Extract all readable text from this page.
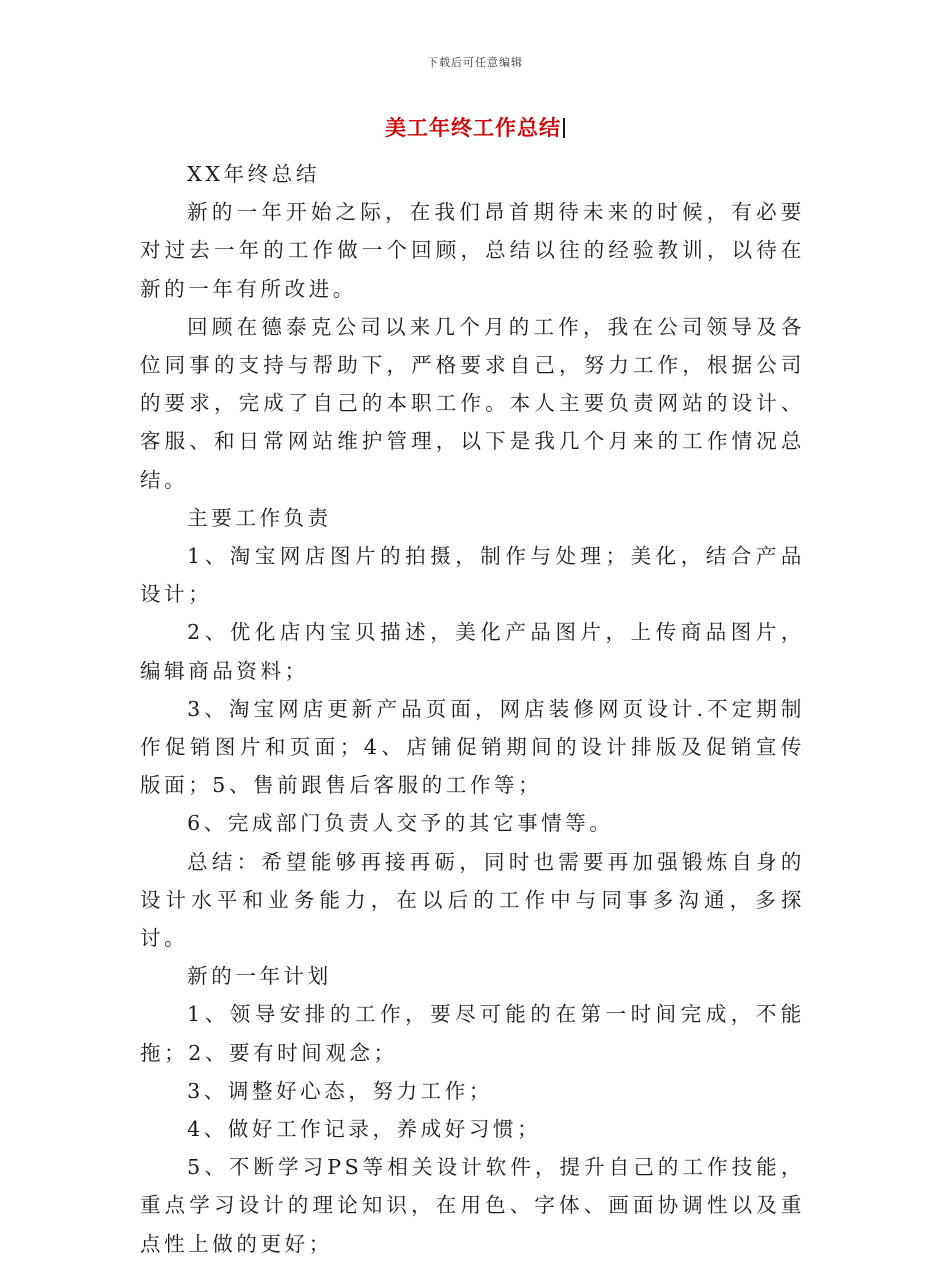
下载后可任意编辑
美工年终工作总结

XX年终总结

新的一年开始之际，在我们昂首期待未来的时候，有必要对过去一年的工作做一个回顾，总结以往的经验教训，以待在新的一年有所改进。

回顾在德泰克公司以来几个月的工作，我在公司领导及各位同事的支持与帮助下，严格要求自己，努力工作，根据公司的要求，完成了自己的本职工作。本人主要负责网站的设计、客服、和日常网站维护管理，以下是我几个月来的工作情况总结。

主要工作负责

1、淘宝网店图片的拍摄，制作与处理；美化，结合产品设计；

2、优化店内宝贝描述，美化产品图片，上传商品图片，编辑商品资料；

3、淘宝网店更新产品页面，网店装修网页设计.不定期制作促销图片和页面；4、店铺促销期间的设计排版及促销宣传版面；5、售前跟售后客服的工作等；

6、完成部门负责人交予的其它事情等。

总结：希望能够再接再砺，同时也需要再加强锻炼自身的设计水平和业务能力，在以后的工作中与同事多沟通，多探讨。

新的一年计划

1、领导安排的工作，要尽可能的在第一时间完成，不能拖；2、要有时间观念；

3、调整好心态，努力工作；

4、做好工作记录，养成好习惯；

5、不断学习PS等相关设计软件，提升自己的工作技能，重点学习设计的理论知识，在用色、字体、画面协调性以及重点性上做的更好；
